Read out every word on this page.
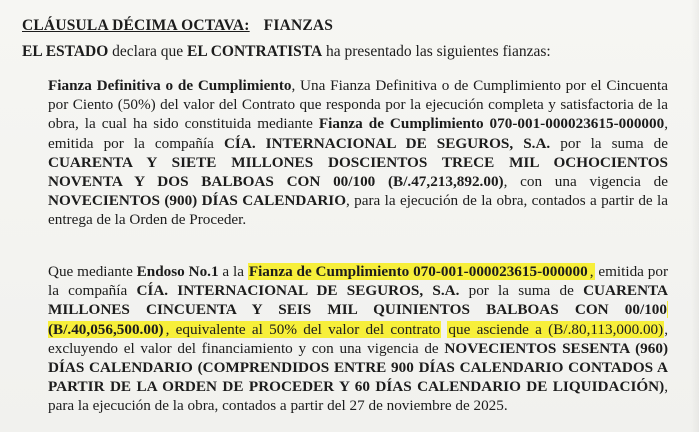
CLÁUSULA DÉCIMA OCTAVA: FIANZAS
EL ESTADO declara que EL CONTRATISTA ha presentado las siguientes fianzas:
Fianza Definitiva o de Cumplimiento, Una Fianza Definitiva o de Cumplimiento por el Cincuenta por Ciento (50%) del valor del Contrato que responda por la ejecución completa y satisfactoria de la obra, la cual ha sido constituida mediante Fianza de Cumplimiento 070-001-000023615-000000, emitida por la compañía CÍA. INTERNACIONAL DE SEGUROS, S.A. por la suma de CUARENTA Y SIETE MILLONES DOSCIENTOS TRECE MIL OCHOCIENTOS NOVENTA Y DOS BALBOAS CON 00/100 (B/.47,213,892.00), con una vigencia de NOVECIENTOS (900) DÍAS CALENDARIO, para la ejecución de la obra, contados a partir de la entrega de la Orden de Proceder.
Que mediante Endoso No.1 a la Fianza de Cumplimiento 070-001-000023615-000000 , emitida por la compañía CÍA. INTERNACIONAL DE SEGUROS, S.A. por la suma de CUARENTA MILLONES CINCUENTA Y SEIS MIL QUINIENTOS BALBOAS CON 00/100 (B/.40,056,500.00) , equivalente al 50% del valor del contrato que asciende a (B/.80,113,000.00), excluyendo el valor del financiamiento y con una vigencia de NOVECIENTOS SESENTA (960) DÍAS CALENDARIO (COMPRENDIDOS ENTRE 900 DÍAS CALENDARIO CONTADOS A PARTIR DE LA ORDEN DE PROCEDER Y 60 DÍAS CALENDARIO DE LIQUIDACIÓN), para la ejecución de la obra, contados a partir del 27 de noviembre de 2025.
